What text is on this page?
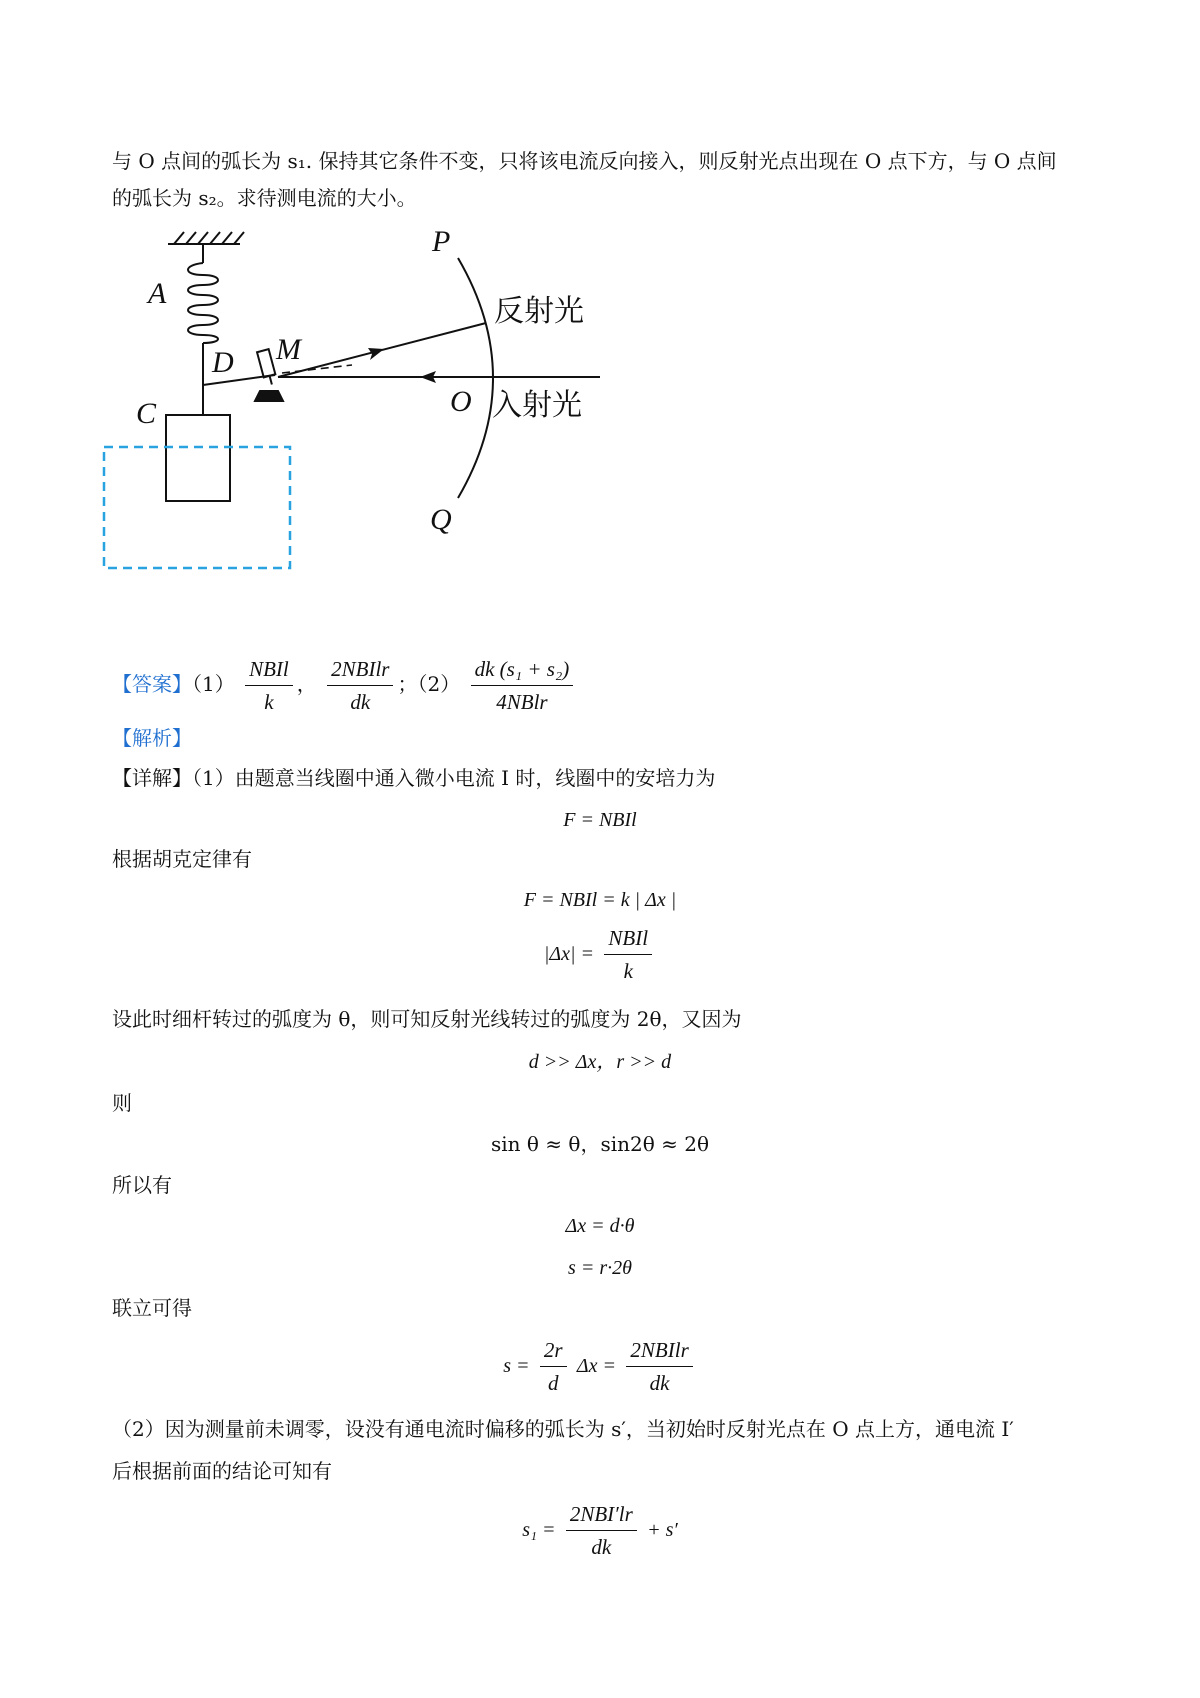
与 O 点间的弧长为 s₁. 保持其它条件不变，只将该电流反向接入，则反射光点出现在 O 点下方，与 O 点间
的弧长为 s₂。求待测电流的大小。
P
Q
O
A
C
D M
反射光
入射光
【答案】$(1) \frac{\text{NBIl}}{k}$ ， $\frac{\text{2NBIlr}}{dk}$ ；$(2) \frac{\text{dk (s₁ + s₂)}}{\text{4NBlr}}$
【解析】
【详解】（1）由题意当线圈中通入微小电流 I 时，线圈中的安培力为
F = NBIl
根据胡克定律有
F = NBIl = k | Δx |
$|\Delta x| = \frac{\text{NBIl}}{k}$
设此时细杆转过的弧度为 θ，则可知反射光线转过的弧度为 2θ，又因为
d >> Δx，r >> d
则
sin θ ≈ θ，sin2θ ≈ 2θ
所以有
Δx = d·θ
s = r·2θ
联立可得
$s = \frac{2r}{d}$ $\Delta x = \frac{\text{2NBIlr}}{dk}$
（2）因为测量前未调零，设没有通电流时偏移的弧长为 s′，当初始时反射光点在 O 点上方，通电流 I′
后根据前面的结论可知有
$s_1 = \frac{\text{2NBI′lr}}{dk} + s'$
